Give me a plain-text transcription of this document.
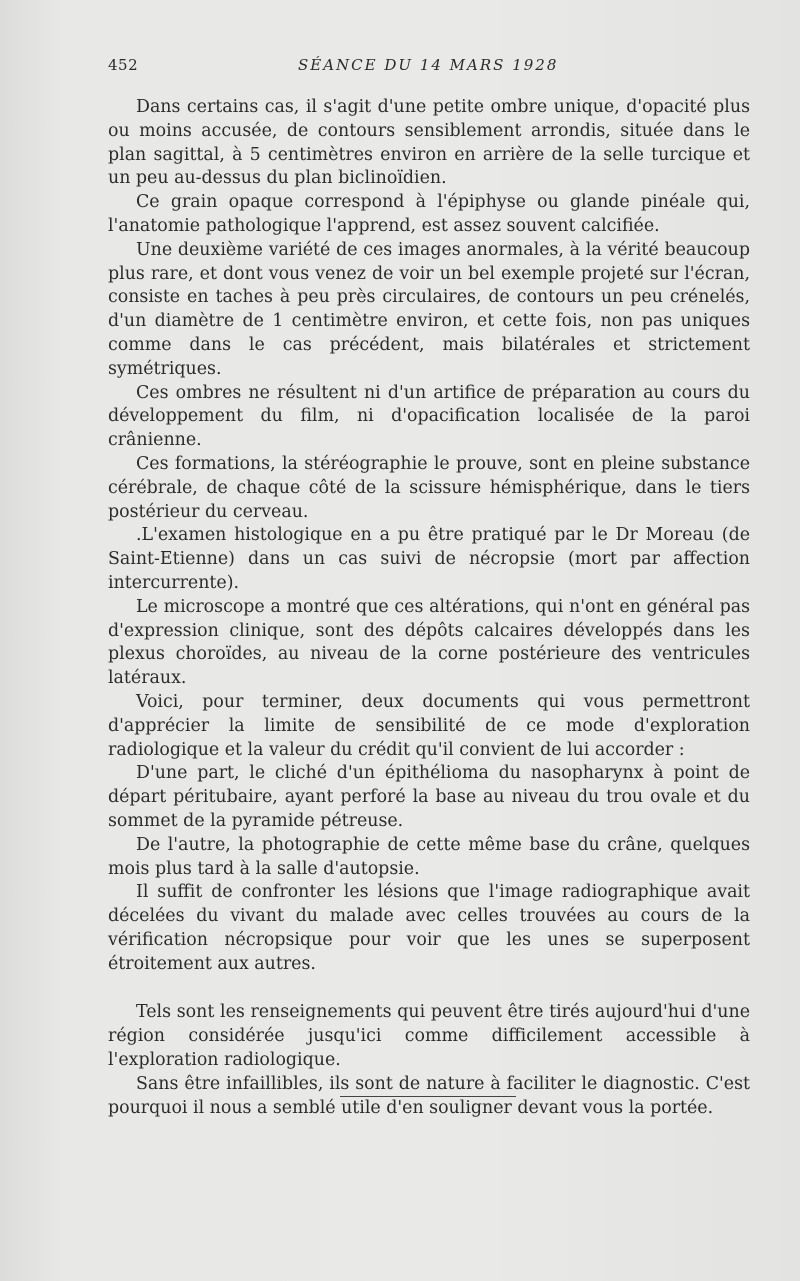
452	SÉANCE DU 14 MARS 1928

Dans certains cas, il s'agit d'une petite ombre unique, d'opacité plus ou moins accusée, de contours sensiblement arrondis, située dans le plan sagittal, à 5 centimètres environ en arrière de la selle turcique et un peu au-dessus du plan biclinoïdien.

Ce grain opaque correspond à l'épiphyse ou glande pinéale qui, l'anatomie pathologique l'apprend, est assez souvent calcifiée.

Une deuxième variété de ces images anormales, à la vérité beaucoup plus rare, et dont vous venez de voir un bel exemple projeté sur l'écran, consiste en taches à peu près circulaires, de contours un peu crénelés, d'un diamètre de 1 centimètre environ, et cette fois, non pas uniques comme dans le cas précédent, mais bilatérales et strictement symétriques.

Ces ombres ne résultent ni d'un artifice de préparation au cours du développement du film, ni d'opacification localisée de la paroi crânienne.

Ces formations, la stéréographie le prouve, sont en pleine substance cérébrale, de chaque côté de la scissure hémisphérique, dans le tiers postérieur du cerveau.

.L'examen histologique en a pu être pratiqué par le Dr Moreau (de Saint-Etienne) dans un cas suivi de nécropsie (mort par affection intercurrente).

Le microscope a montré que ces altérations, qui n'ont en général pas d'expression clinique, sont des dépôts calcaires développés dans les plexus choroïdes, au niveau de la corne postérieure des ventricules latéraux.

Voici, pour terminer, deux documents qui vous permettront d'apprécier la limite de sensibilité de ce mode d'exploration radiologique et la valeur du crédit qu'il convient de lui accorder :

D'une part, le cliché d'un épithélioma du nasopharynx à point de départ péritubaire, ayant perforé la base au niveau du trou ovale et du sommet de la pyramide pétreuse.

De l'autre, la photographie de cette même base du crâne, quelques mois plus tard à la salle d'autopsie.

Il suffit de confronter les lésions que l'image radiographique avait décelées du vivant du malade avec celles trouvées au cours de la vérification nécropsique pour voir que les unes se superposent étroitement aux autres.

Tels sont les renseignements qui peuvent être tirés aujourd'hui d'une région considérée jusqu'ici comme difficilement accessible à l'exploration radiologique.

Sans être infaillibles, ils sont de nature à faciliter le diagnostic. C'est pourquoi il nous a semblé utile d'en souligner devant vous la portée.
